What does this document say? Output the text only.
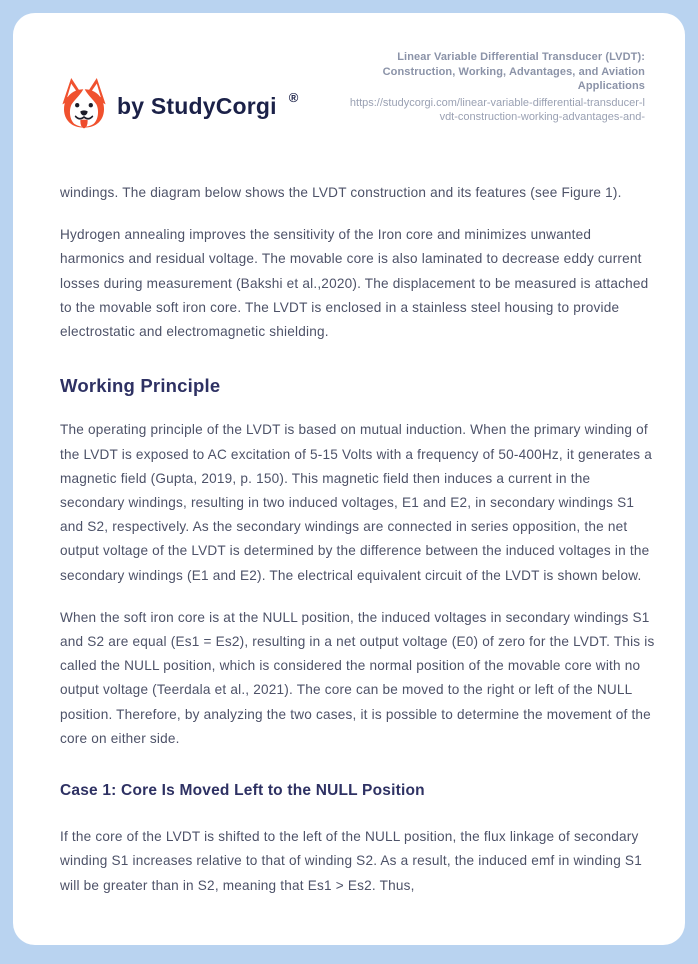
by StudyCorgi ®
Linear Variable Differential Transducer (LVDT): Construction, Working, Advantages, and Aviation Applications
https://studycorgi.com/linear-variable-differential-transducer-lvdt-construction-working-advantages-and-

windings. The diagram below shows the LVDT construction and its features (see Figure 1).

Hydrogen annealing improves the sensitivity of the Iron core and minimizes unwanted harmonics and residual voltage. The movable core is also laminated to decrease eddy current losses during measurement (Bakshi et al.,2020). The displacement to be measured is attached to the movable soft iron core. The LVDT is enclosed in a stainless steel housing to provide electrostatic and electromagnetic shielding.

Working Principle

The operating principle of the LVDT is based on mutual induction. When the primary winding of the LVDT is exposed to AC excitation of 5-15 Volts with a frequency of 50-400Hz, it generates a magnetic field (Gupta, 2019, p. 150). This magnetic field then induces a current in the secondary windings, resulting in two induced voltages, E1 and E2, in secondary windings S1 and S2, respectively. As the secondary windings are connected in series opposition, the net output voltage of the LVDT is determined by the difference between the induced voltages in the secondary windings (E1 and E2). The electrical equivalent circuit of the LVDT is shown below.

When the soft iron core is at the NULL position, the induced voltages in secondary windings S1 and S2 are equal (Es1 = Es2), resulting in a net output voltage (E0) of zero for the LVDT. This is called the NULL position, which is considered the normal position of the movable core with no output voltage (Teerdala et al., 2021). The core can be moved to the right or left of the NULL position. Therefore, by analyzing the two cases, it is possible to determine the movement of the core on either side.

Case 1: Core Is Moved Left to the NULL Position

If the core of the LVDT is shifted to the left of the NULL position, the flux linkage of secondary winding S1 increases relative to that of winding S2. As a result, the induced emf in winding S1 will be greater than in S2, meaning that Es1 > Es2. Thus,
